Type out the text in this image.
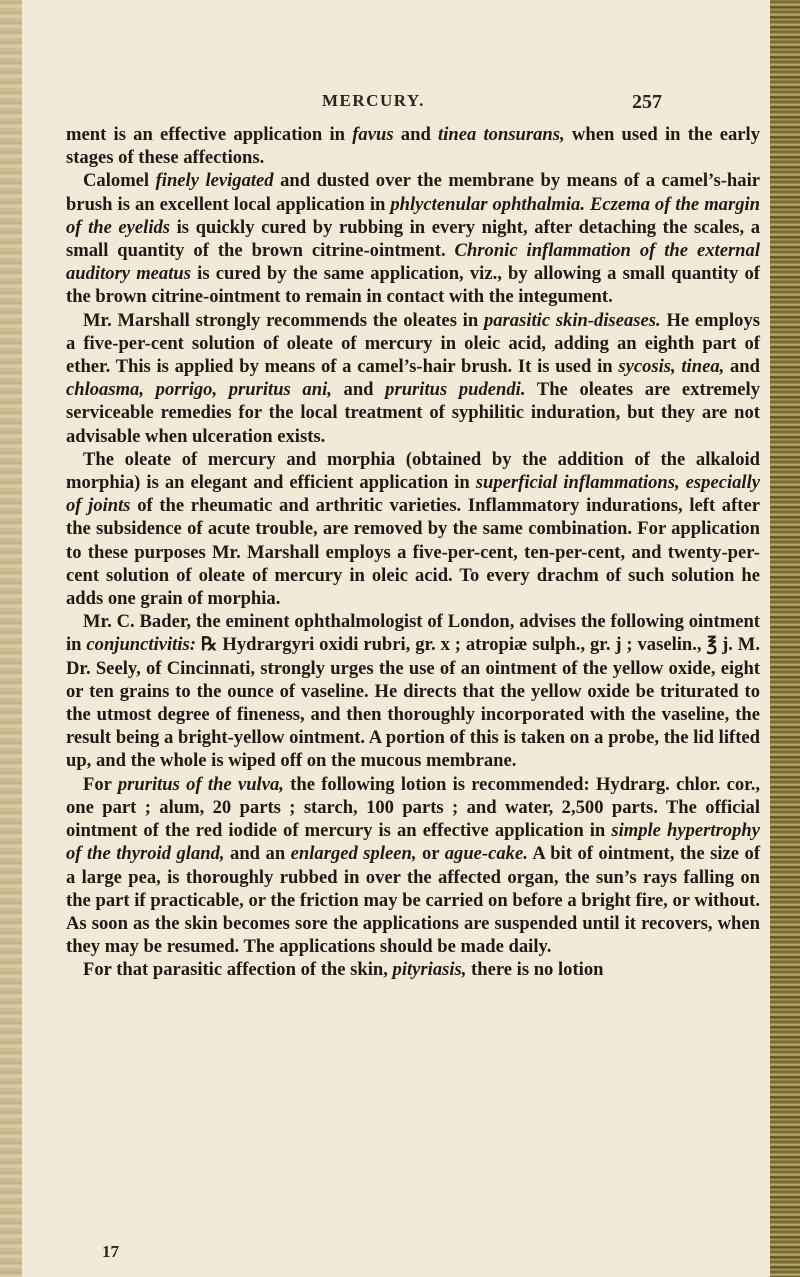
MERCURY.	257

ment is an effective application in favus and tinea tonsurans, when used in the early stages of these affections.

Calomel finely levigated and dusted over the membrane by means of a camel’s-hair brush is an excellent local application in phlyctenular ophthalmia. Eczema of the margin of the eyelids is quickly cured by rubbing in every night, after detaching the scales, a small quantity of the brown citrine-ointment. Chronic inflammation of the external auditory meatus is cured by the same application, viz., by allowing a small quantity of the brown citrine-ointment to remain in contact with the integument.

Mr. Marshall strongly recommends the oleates in parasitic skin-diseases. He employs a five-per-cent solution of oleate of mercury in oleic acid, adding an eighth part of ether. This is applied by means of a camel’s-hair brush. It is used in sycosis, tinea, and chloasma, porrigo, pruritus ani, and pruritus pudendi. The oleates are extremely serviceable remedies for the local treatment of syphilitic induration, but they are not advisable when ulceration exists.

The oleate of mercury and morphia (obtained by the addition of the alkaloid morphia) is an elegant and efficient application in superficial inflammations, especially of joints of the rheumatic and arthritic varieties. Inflammatory indurations, left after the subsidence of acute trouble, are removed by the same combination. For application to these purposes Mr. Marshall employs a five-per-cent, ten-per-cent, and twenty-per-cent solution of oleate of mercury in oleic acid. To every drachm of such solution he adds one grain of morphia.

Mr. C. Bader, the eminent ophthalmologist of London, advises the following ointment in conjunctivitis: ℞ Hydrargyri oxidi rubri, gr. x ; atropiæ sulph., gr. j ; vaselin., ℥ j. M. Dr. Seely, of Cincinnati, strongly urges the use of an ointment of the yellow oxide, eight or ten grains to the ounce of vaseline. He directs that the yellow oxide be triturated to the utmost degree of fineness, and then thoroughly incorporated with the vaseline, the result being a bright-yellow ointment. A portion of this is taken on a probe, the lid lifted up, and the whole is wiped off on the mucous membrane.

For pruritus of the vulva, the following lotion is recommended: Hydrarg. chlor. cor., one part ; alum, 20 parts ; starch, 100 parts ; and water, 2,500 parts. The official ointment of the red iodide of mercury is an effective application in simple hypertrophy of the thyroid gland, and an enlarged spleen, or ague-cake. A bit of ointment, the size of a large pea, is thoroughly rubbed in over the affected organ, the sun’s rays falling on the part if practicable, or the friction may be carried on before a bright fire, or without. As soon as the skin becomes sore the applications are suspended until it recovers, when they may be resumed. The applications should be made daily.

For that parasitic affection of the skin, pityriasis, there is no lotion

17
